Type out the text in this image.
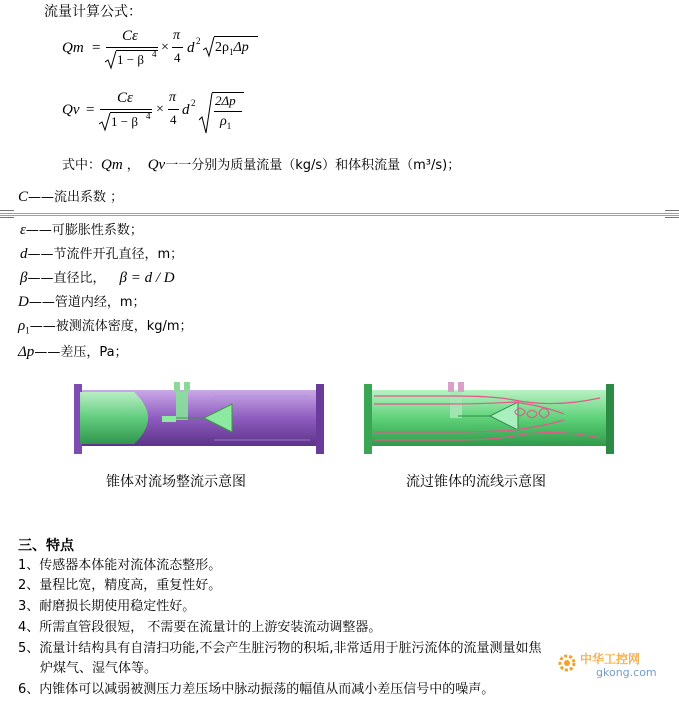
流量计算公式：
Qm =
Cε
1 − β 4 ×
π
4
d 2 $2\rho_1\Delta p$
Qv =
Cε
1 − β 4 ×
π
4
d 2 2Δp
$\rho_1$
式中：Qm ， Qv一一分别为质量流量（kg/s）和体积流量（m³/s)；
C——流出系数 ；
ε——可膨胀性系数；
d——节流件开孔直径，m；
β——直径比， β = d / D
D——管道内经，m；
$\rho_1——$被测流体密度，kg/m；
Δp——差压，Pa；
锥体对流场整流示意图	流过锥体的流线示意图
三、特点
1、传感器本体能对流体流态整形。
2、量程比宽，精度高，重复性好。
3、耐磨损长期使用稳定性好。
4、所需直管段很短， 不需要在流量计的上游安装流动调整器。
5、流量计结构具有自清扫功能,不会产生脏污物的积垢,非常适用于脏污流体的流量测量如焦
炉煤气、湿气体等。
6、内锥体可以减弱被测压力差压场中脉动振荡的幅值从而减小差压信号中的噪声。
中华工控网
gkong.com
